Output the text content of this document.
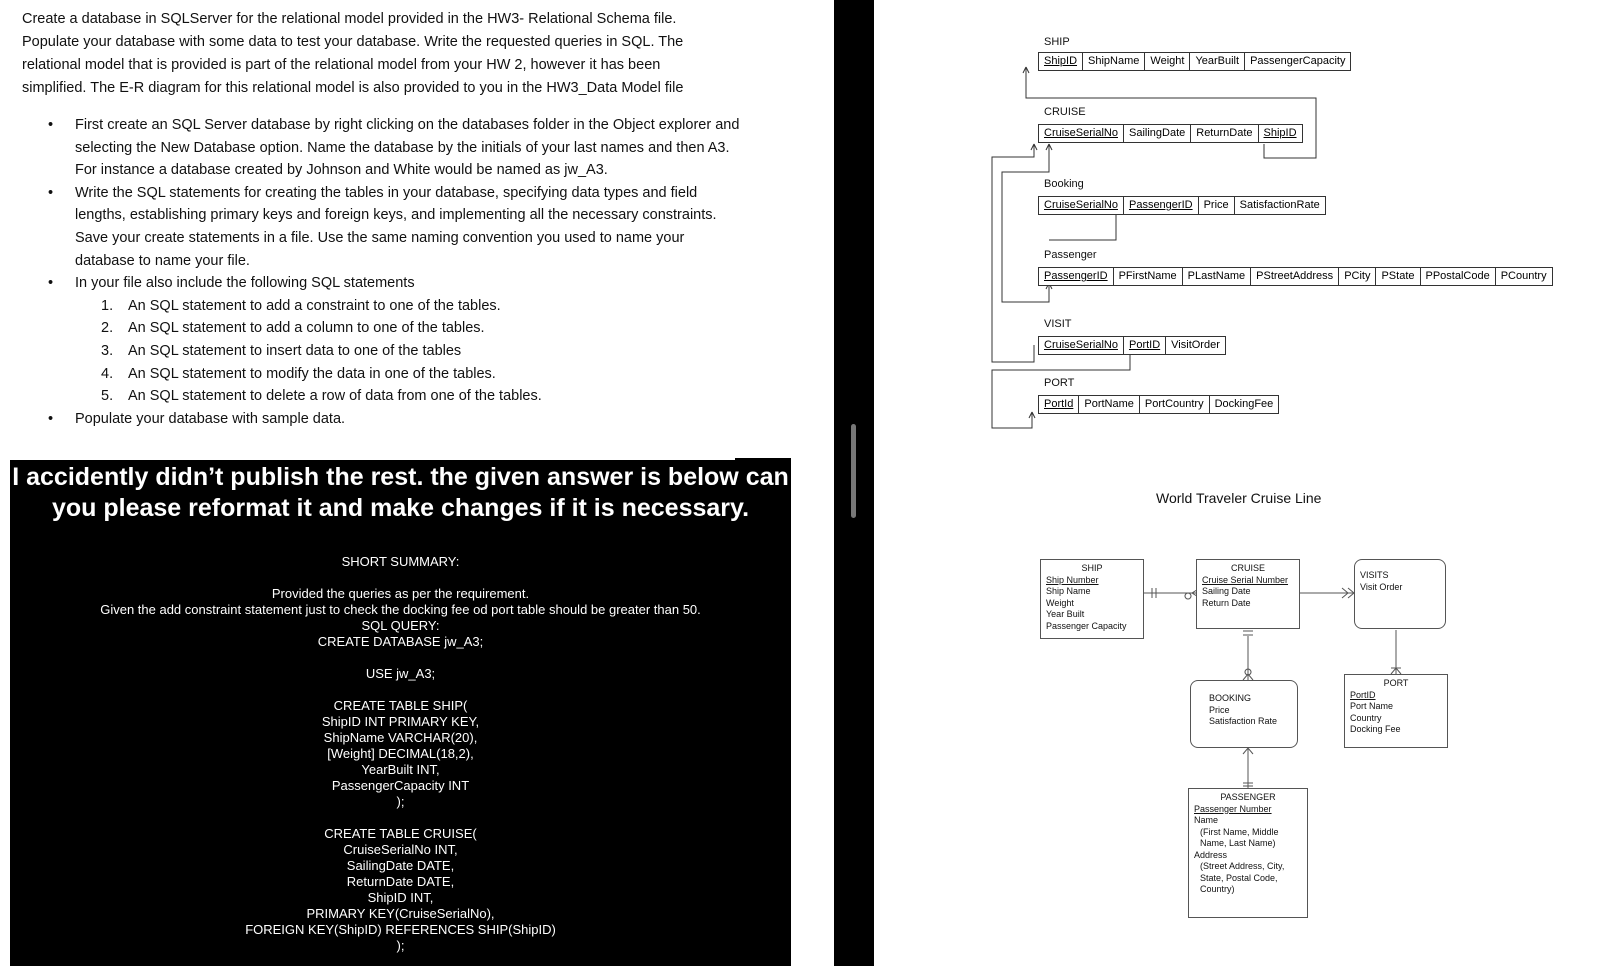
Create a database in SQLServer for the relational model provided in the HW3- Relational Schema file. Populate your database with some data to test your database. Write the requested queries in SQL. The relational model that is provided is part of the relational model from your HW 2, however it has been simplified. The E-R diagram for this relational model is also provided to you in the HW3_Data Model file
• First create an SQL Server database by right clicking on the databases folder in the Object explorer and selecting the New Database option. Name the database by the initials of your last names and then A3. For instance a database created by Johnson and White would be named as jw_A3.
• Write the SQL statements for creating the tables in your database, specifying data types and field lengths, establishing primary keys and foreign keys, and implementing all the necessary constraints. Save your create statements in a file. Use the same naming convention you used to name your database to name your file.
• In your file also include the following SQL statements
1. An SQL statement to add a constraint to one of the tables.
2. An SQL statement to add a column to one of the tables.
3. An SQL statement to insert data to one of the tables
4. An SQL statement to modify the data in one of the tables.
5. An SQL statement to delete a row of data from one of the tables.
• Populate your database with sample data.
I accidently didn’t publish the rest. the given answer is below can you please reformat it and make changes if it is necessary.
SHORT SUMMARY:

Provided the queries as per the requirement.
Given the add constraint statement just to check the docking fee od port table should be greater than 50.
SQL QUERY:
CREATE DATABASE jw_A3;

USE jw_A3;

CREATE TABLE SHIP(
ShipID INT PRIMARY KEY,
ShipName VARCHAR(20),
[Weight] DECIMAL(18,2),
YearBuilt INT,
PassengerCapacity INT
);

CREATE TABLE CRUISE(
CruiseSerialNo INT,
SailingDate DATE,
ReturnDate DATE,
ShipID INT,
PRIMARY KEY(CruiseSerialNo),
FOREIGN KEY(ShipID) REFERENCES SHIP(ShipID)
);
SHIP
ShipID	ShipName	Weight	YearBuilt	PassengerCapacity
CRUISE
CruiseSerialNo	SailingDate	ReturnDate	ShipID
Booking
CruiseSerialNo	PassengerID	Price	SatisfactionRate
Passenger
PassengerID	PFirstName	PLastName	PStreetAddress	PCity	PState	PPostalCode	PCountry
VISIT
CruiseSerialNo	PortID	VisitOrder
PORT
PortId	PortName	PortCountry	DockingFee
World Traveler Cruise Line
SHIP
Ship Number
Ship Name
Weight
Year Built
Passenger Capacity
CRUISE
Cruise Serial Number
Sailing Date
Return Date
VISITS
Visit Order
PORT
PortID
Port Name
Country
Docking Fee
BOOKING
Price
Satisfaction Rate
PASSENGER
Passenger Number
Name
(First Name, Middle
Name, Last Name)
Address
(Street Address, City,
State, Postal Code,
Country)
